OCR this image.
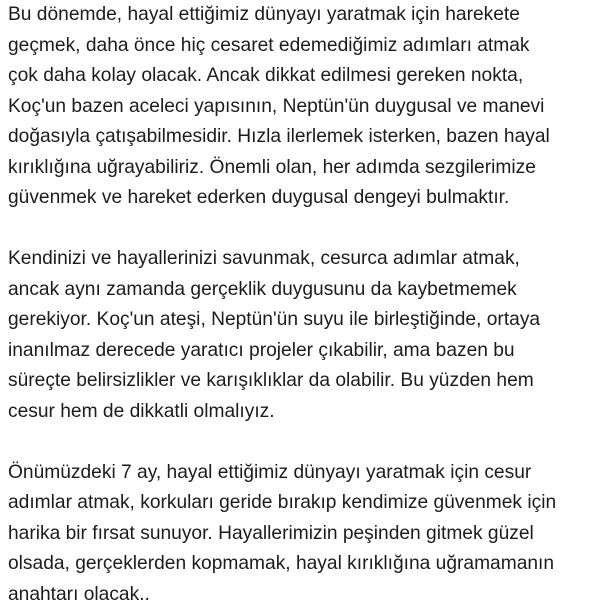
Bu dönemde, hayal ettiğimiz dünyayı yaratmak için harekete
geçmek, daha önce hiç cesaret edemediğimiz adımları atmak
çok daha kolay olacak. Ancak dikkat edilmesi gereken nokta,
Koç'un bazen aceleci yapısının, Neptün'ün duygusal ve manevi
doğasıyla çatışabilmesidir. Hızla ilerlemek isterken, bazen hayal
kırıklığına uğrayabiliriz. Önemli olan, her adımda sezgilerimize
güvenmek ve hareket ederken duygusal dengeyi bulmaktır.
Kendinizi ve hayallerinizi savunmak, cesurca adımlar atmak,
ancak aynı zamanda gerçeklik duygusunu da kaybetmemek
gerekiyor. Koç'un ateşi, Neptün'ün suyu ile birleştiğinde, ortaya
inanılmaz derecede yaratıcı projeler çıkabilir, ama bazen bu
süreçte belirsizlikler ve karışıklıklar da olabilir. Bu yüzden hem
cesur hem de dikkatli olmalıyız.
Önümüzdeki 7 ay, hayal ettiğimiz dünyayı yaratmak için cesur
adımlar atmak, korkuları geride bırakıp kendimize güvenmek için
harika bir fırsat sunuyor. Hayallerimizin peşinden gitmek güzel
olsada, gerçeklerden kopmamak, hayal kırıklığına uğramamanın
anahtarı olacak..
